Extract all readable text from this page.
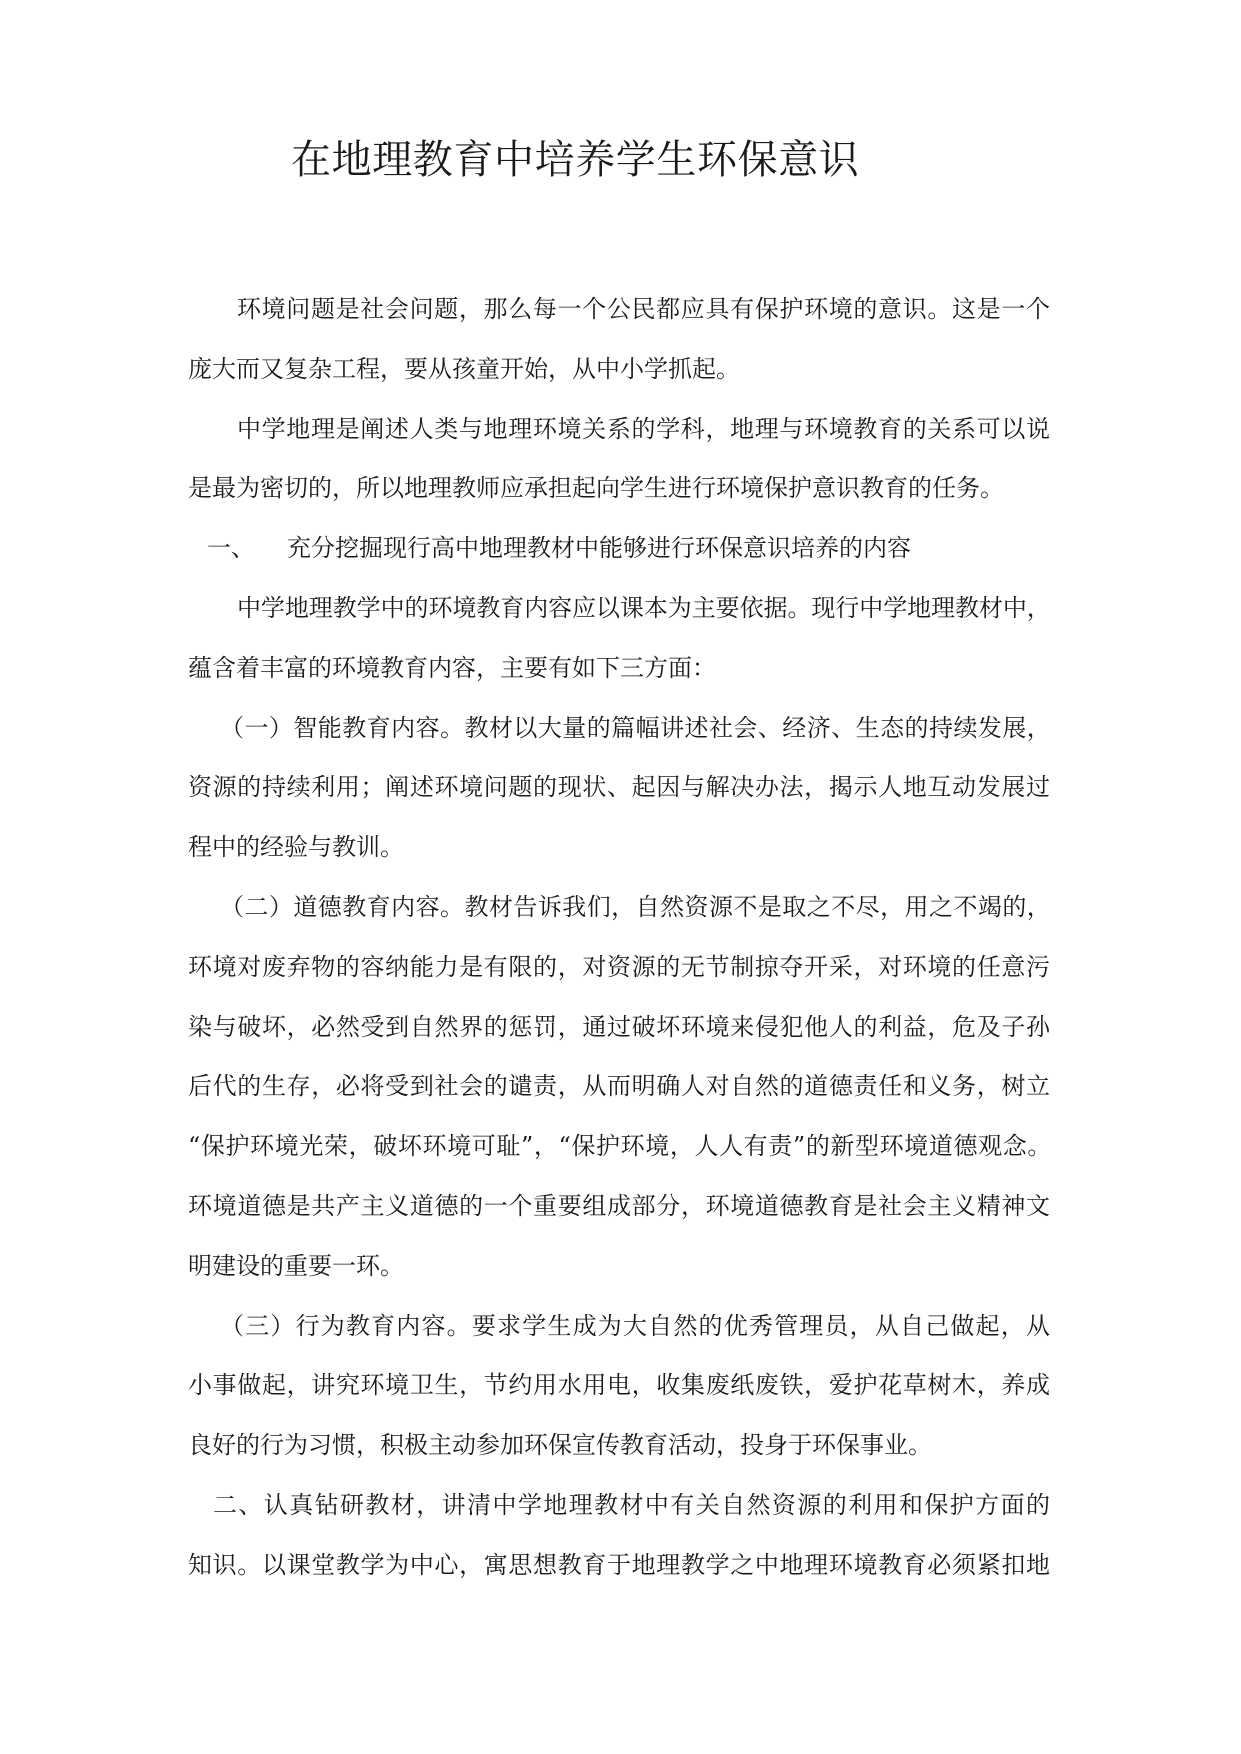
在地理教育中培养学生环保意识
环境问题是社会问题，那么每一个公民都应具有保护环境的意识。这是一个
庞大而又复杂工程，要从孩童开始，从中小学抓起。
中学地理是阐述人类与地理环境关系的学科，地理与环境教育的关系可以说
是最为密切的，所以地理教师应承担起向学生进行环境保护意识教育的任务。
一、 充分挖掘现行高中地理教材中能够进行环保意识培养的内容
中学地理教学中的环境教育内容应以课本为主要依据。现行中学地理教材中，
蕴含着丰富的环境教育内容，主要有如下三方面：
（一）智能教育内容。教材以大量的篇幅讲述社会、经济、生态的持续发展，
资源的持续利用；阐述环境问题的现状、起因与解决办法，揭示人地互动发展过
程中的经验与教训。
（二）道德教育内容。教材告诉我们，自然资源不是取之不尽，用之不竭的，
环境对废弃物的容纳能力是有限的，对资源的无节制掠夺开采，对环境的任意污
染与破坏，必然受到自然界的惩罚，通过破坏环境来侵犯他人的利益，危及子孙
后代的生存，必将受到社会的谴责，从而明确人对自然的道德责任和义务，树立
“保护环境光荣，破坏环境可耻”，“保护环境，人人有责”的新型环境道德观念。
环境道德是共产主义道德的一个重要组成部分，环境道德教育是社会主义精神文
明建设的重要一环。
（三）行为教育内容。要求学生成为大自然的优秀管理员，从自己做起，从
小事做起，讲究环境卫生，节约用水用电，收集废纸废铁，爱护花草树木，养成
良好的行为习惯，积极主动参加环保宣传教育活动，投身于环保事业。
二、认真钻研教材，讲清中学地理教材中有关自然资源的利用和保护方面的
知识。以课堂教学为中心，寓思想教育于地理教学之中地理环境教育必须紧扣地
